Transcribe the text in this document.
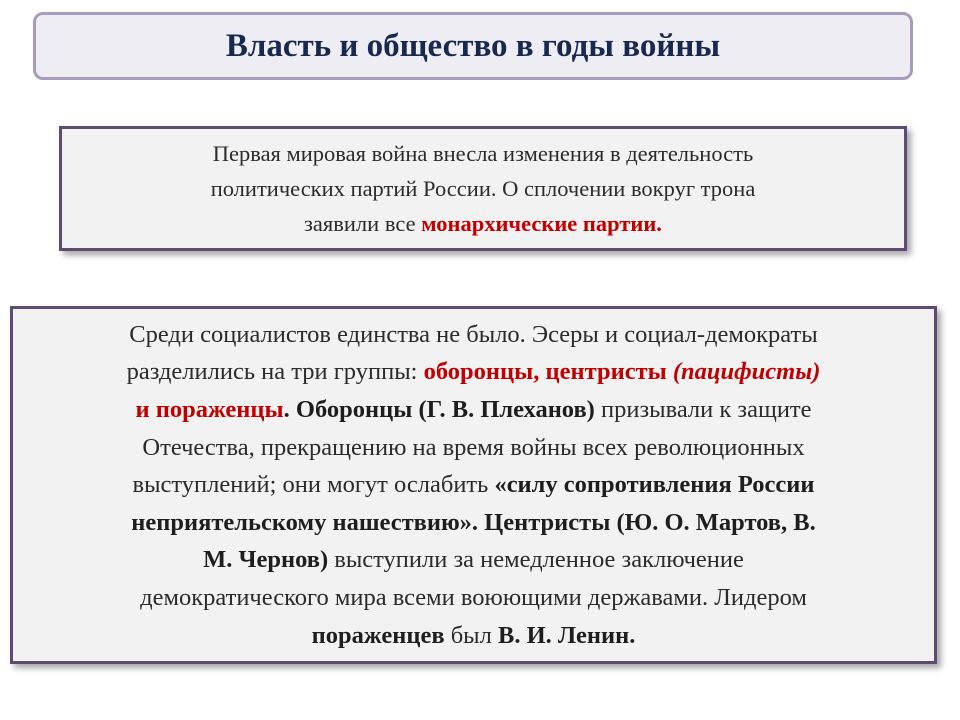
Власть и общество в годы войны
Первая мировая война внесла изменения в деятельность
политических партий России. О сплочении вокруг трона
заявили все монархические партии.
Среди социалистов единства не было. Эсеры и социал-демократы
разделились на три группы: оборонцы, центристы (пацифисты)
и пораженцы. Оборонцы (Г. В. Плеханов) призывали к защите
Отечества, прекращению на время войны всех революционных
выступлений; они могут ослабить «силу сопротивления России
неприятельскому нашествию». Центристы (Ю. О. Мартов, В.
М. Чернов) выступили за немедленное заключение
демократического мира всеми воюющими державами. Лидером
пораженцев был В. И. Ленин.
